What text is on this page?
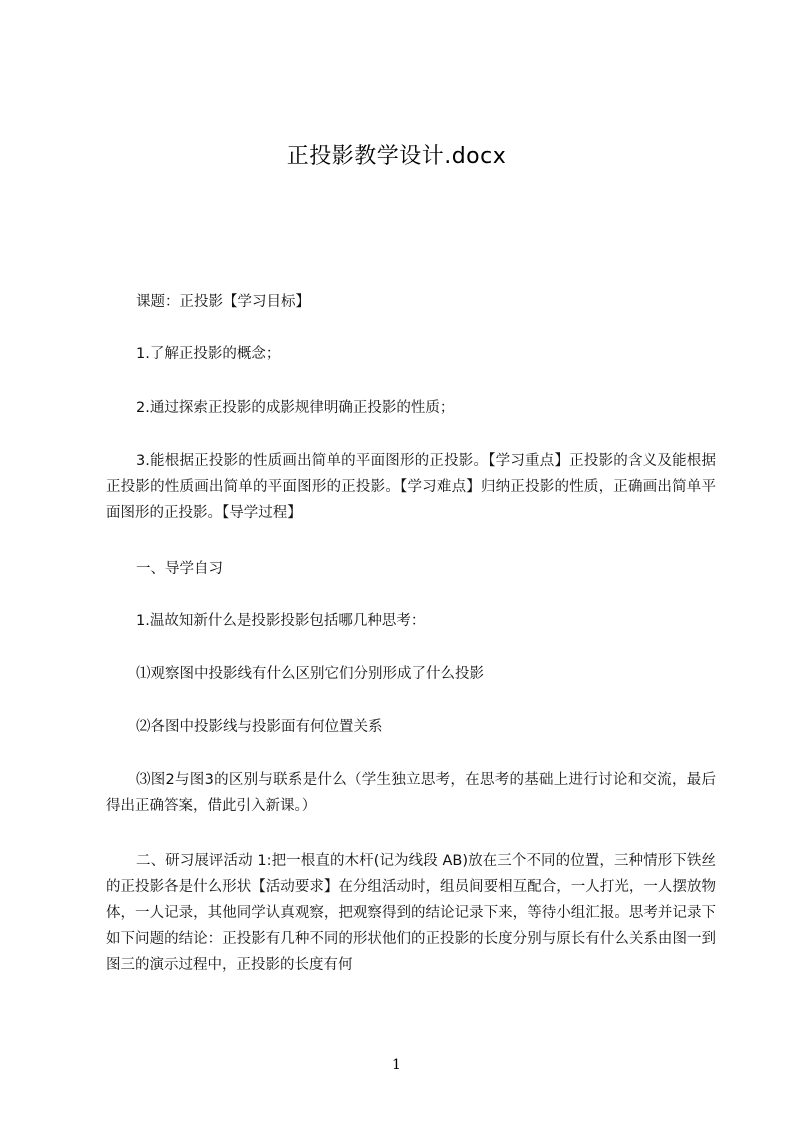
正投影教学设计.docx
课题：正投影【学习目标】
1.了解正投影的概念；
2.通过探索正投影的成影规律明确正投影的性质；
3.能根据正投影的性质画出简单的平面图形的正投影。【学习重点】正投影的含义及能根据正投影的性质画出简单的平面图形的正投影。【学习难点】归纳正投影的性质，正确画出简单平面图形的正投影。【导学过程】
一、导学自习
1.温故知新什么是投影投影包括哪几种思考：
⑴观察图中投影线有什么区别它们分别形成了什么投影
⑵各图中投影线与投影面有何位置关系
⑶图2与图3的区别与联系是什么（学生独立思考，在思考的基础上进行讨论和交流，最后得出正确答案，借此引入新课。）
二、研习展评活动 1:把一根直的木杆(记为线段 AB)放在三个不同的位置，三种情形下铁丝的正投影各是什么形状【活动要求】在分组活动时，组员间要相互配合，一人打光，一人摆放物体，一人记录，其他同学认真观察，把观察得到的结论记录下来，等待小组汇报。思考并记录下如下问题的结论：正投影有几种不同的形状他们的正投影的长度分别与原长有什么关系由图一到图三的演示过程中，正投影的长度有何
1
